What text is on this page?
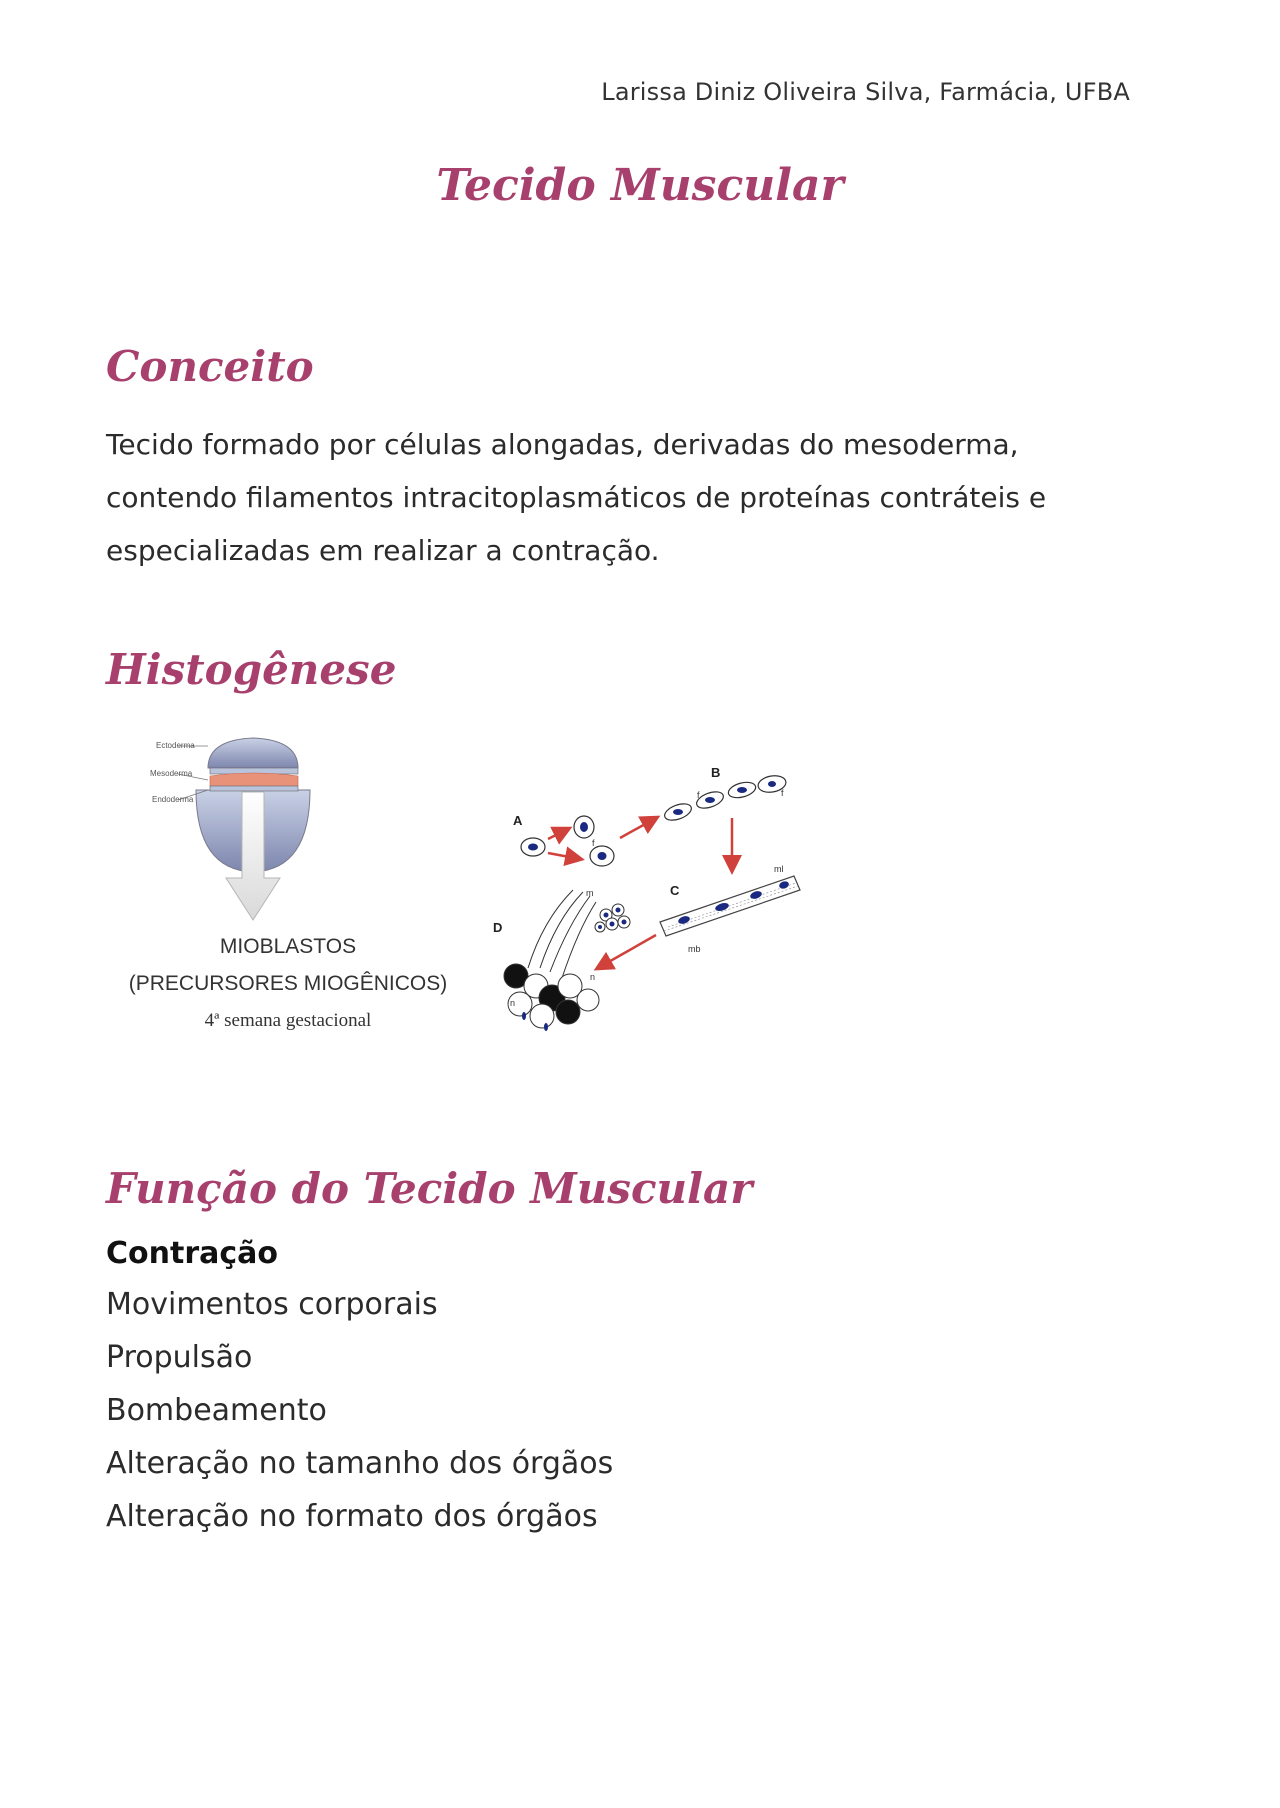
Larissa Diniz Oliveira Silva, Farmácia, UFBA
Tecido Muscular
Conceito
Tecido formado por células alongadas, derivadas do mesoderma, contendo filamentos intracitoplasmáticos de proteínas contráteis e especializadas em realizar a contração.
Histogênese
Ectoderma
Mesoderma
Endoderma
MIOBLASTOS
(PRECURSORES MIOGÊNICOS)
4ª semana gestacional
A
B
C
D
f
f	f
ml
mb
m
n
n
Função do Tecido Muscular
Contração
Movimentos corporais
Propulsão
Bombeamento
Alteração no tamanho dos órgãos
Alteração no formato dos órgãos
